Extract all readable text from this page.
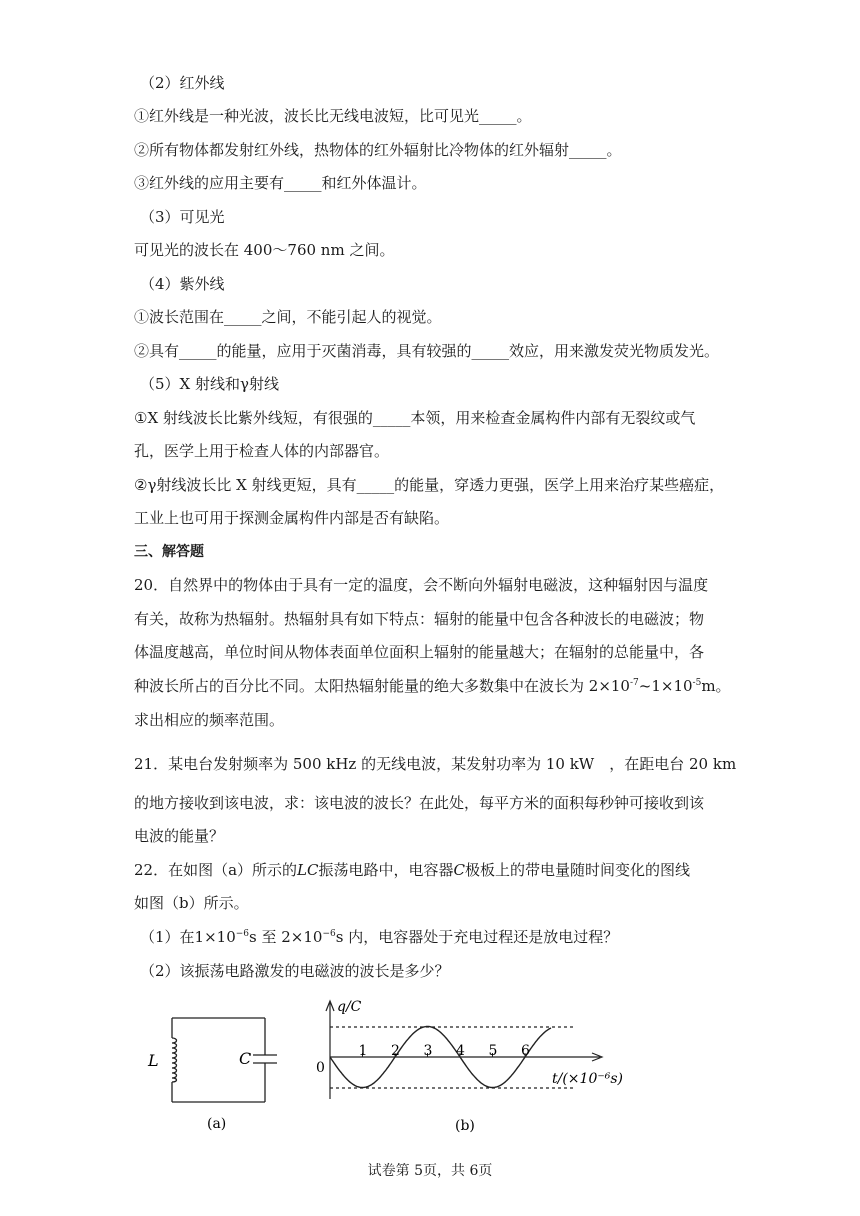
（2）红外线
①红外线是一种光波，波长比无线电波短，比可见光_____。
②所有物体都发射红外线，热物体的红外辐射比冷物体的红外辐射_____。
③红外线的应用主要有_____和红外体温计。
（3）可见光
可见光的波长在 400～760 nm 之间。
（4）紫外线
①波长范围在_____之间，不能引起人的视觉。
②具有_____的能量，应用于灭菌消毒，具有较强的_____效应，用来激发荧光物质发光。
（5）X 射线和γ射线
①X 射线波长比紫外线短，有很强的_____本领，用来检查金属构件内部有无裂纹或气
孔，医学上用于检查人体的内部器官。
②γ射线波长比 X 射线更短，具有_____的能量，穿透力更强，医学上用来治疗某些癌症，
工业上也可用于探测金属构件内部是否有缺陷。
三、解答题
20．自然界中的物体由于具有一定的温度，会不断向外辐射电磁波，这种辐射因与温度
有关，故称为热辐射。热辐射具有如下特点：辐射的能量中包含各种波长的电磁波；物
体温度越高，单位时间从物体表面单位面积上辐射的能量越大；在辐射的总能量中，各
种波长所占的百分比不同。太阳热辐射能量的绝大多数集中在波长为 $2\times 10^{-7}\sim 1\times 10^{-5}m$。
求出相应的频率范围。
21．某电台发射频率为 500 kHz 的无线电波，某发射功率为 10 kW　，在距电台 20 km
的地方接收到该电波，求：该电波的波长？在此处，每平方米的面积每秒钟可接收到该
电波的能量？
22．在如图（a）所示的LC振荡电路中，电容器C极板上的带电量随时间变化的图线
如图（b）所示。
（1）在$1\times 10^{-6}s$ 至 $2\times 10^{-6}s$ 内，电容器处于充电过程还是放电过程？
（2）该振荡电路激发的电磁波的波长是多少？
L	C
(a)
1 2 3 4 5 6
q/C
0
t/(×10⁻⁶s)
(b)
试卷第 5页，共 6页
